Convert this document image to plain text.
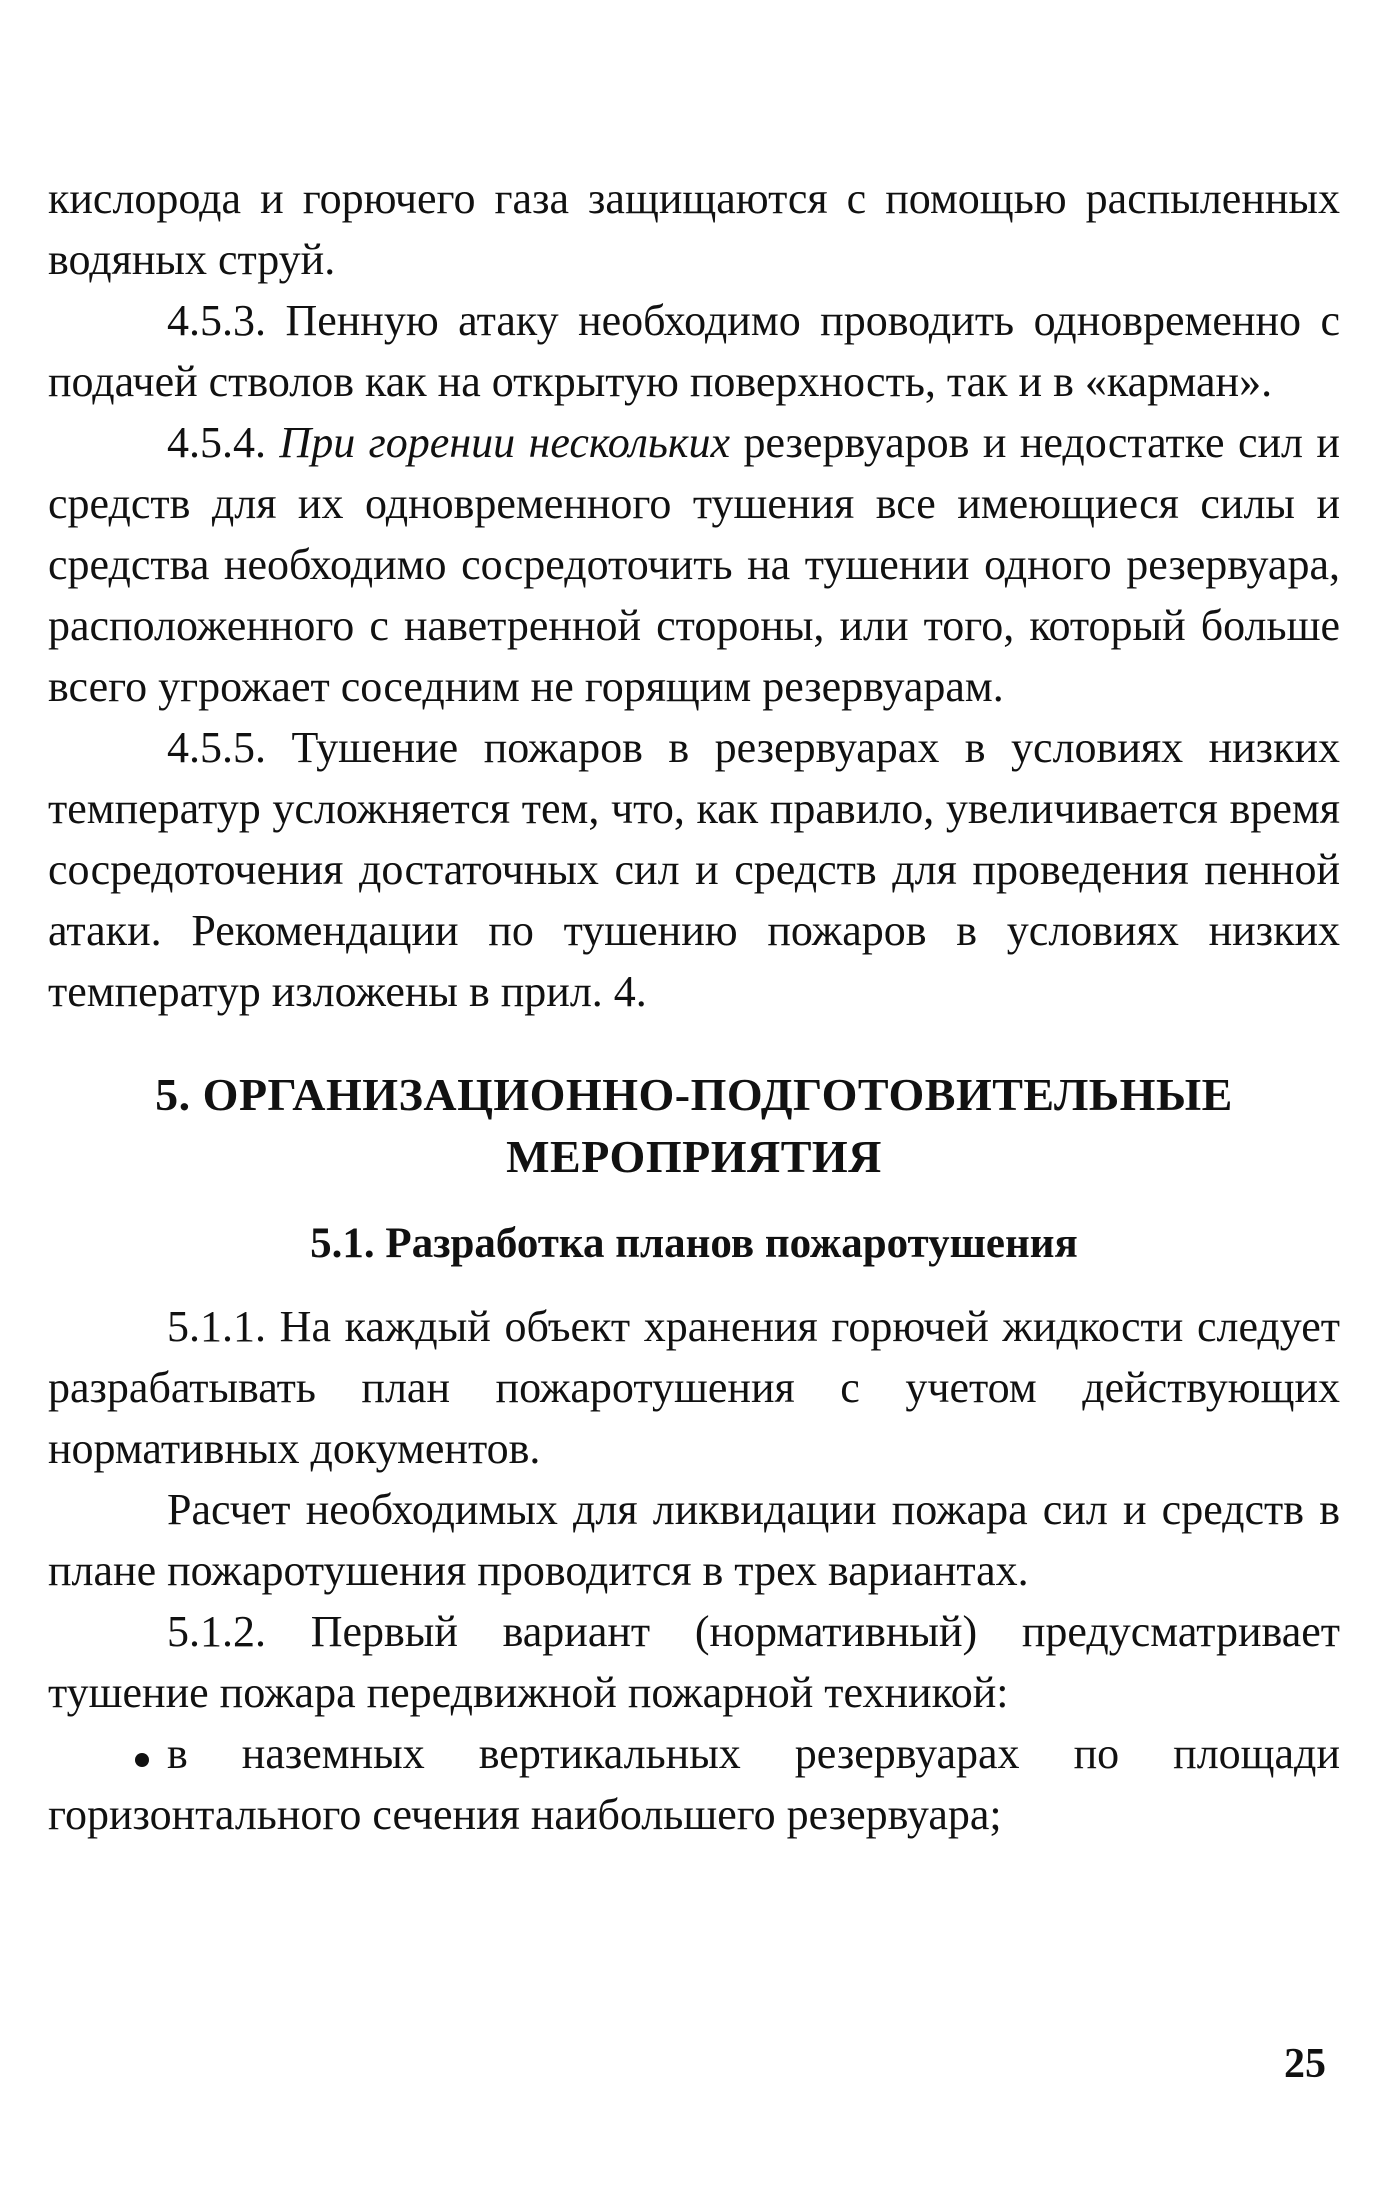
кислорода и горючего газа защищаются с помощью распыленных водяных струй.

4.5.3. Пенную атаку необходимо проводить одновременно с подачей стволов как на открытую поверхность, так и в «карман».

4.5.4. При горении нескольких резервуаров и недостатке сил и средств для их одновременного тушения все имеющиеся силы и средства необходимо сосредоточить на тушении одного резервуара, расположенного с наветренной стороны, или того, который больше всего угрожает соседним не горящим резервуарам.

4.5.5. Тушение пожаров в резервуарах в условиях низких температур усложняется тем, что, как правило, увеличивается время сосредоточения достаточных сил и средств для проведения пенной атаки. Рекомендации по тушению пожаров в условиях низких температур изложены в прил. 4.

5. ОРГАНИЗАЦИОННО-ПОДГОТОВИТЕЛЬНЫЕ
МЕРОПРИЯТИЯ
5.1. Разработка планов пожаротушения

5.1.1. На каждый объект хранения горючей жидкости следует разрабатывать план пожаротушения с учетом действующих нормативных документов.

Расчет необходимых для ликвидации пожара сил и средств в плане пожаротушения проводится в трех вариантах.

5.1.2. Первый вариант (нормативный) предусматривает тушение пожара передвижной пожарной техникой:

в наземных вертикальных резервуарах по площади горизонтального сечения наибольшего резервуара;

25
